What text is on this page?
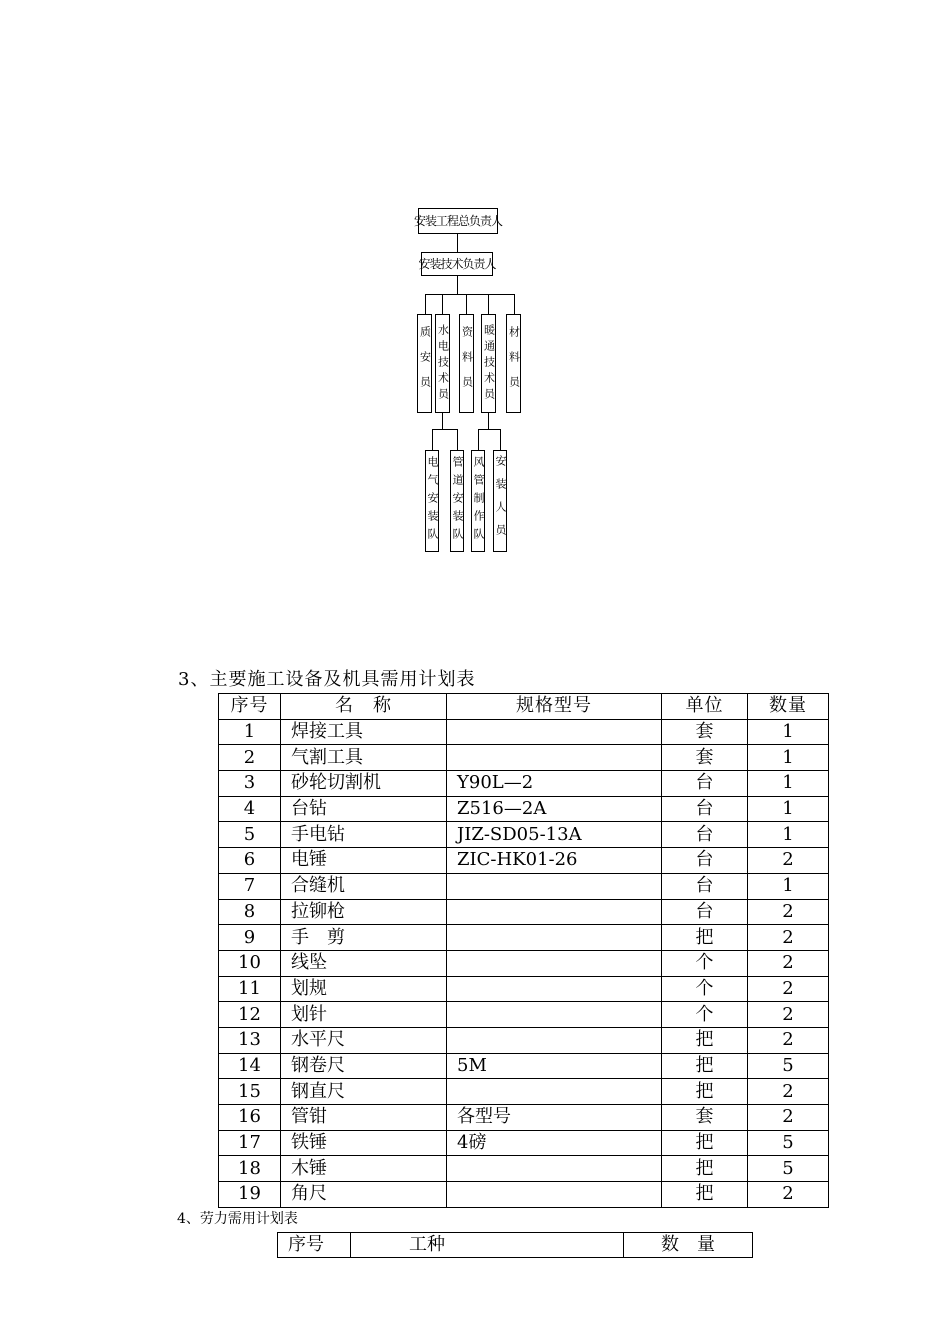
安装工程总负责人
安装技术负责人
质安员 水电技术员 资料员 暖通技术员 材料员
电气安装队 管道安装队 风管制作队 安装人员
3、主要施工设备及机具需用计划表
序号	名　称	规格型号	单位	数量
1	焊接工具		套	1
2	气割工具		套	1
3	砂轮切割机	Y90L—2	台	1
4	台钻	Z516—2A	台	1
5	手电钻	JIZ-SD05-13A	台	1
6	电锤	ZIC-HK01-26	台	2
7	合缝机		台	1
8	拉铆枪		台	2
9	手　剪		把	2
10	线坠		个	2
11	划规		个	2
12	划针		个	2
13	水平尺		把	2
14	钢卷尺	5M	把	5
15	钢直尺		把	2
16	管钳	各型号	套	2
17	铁锤	4磅	把	5
18	木锤		把	5
19	角尺		把	2
4、劳力需用计划表
序号	工种	数　量
